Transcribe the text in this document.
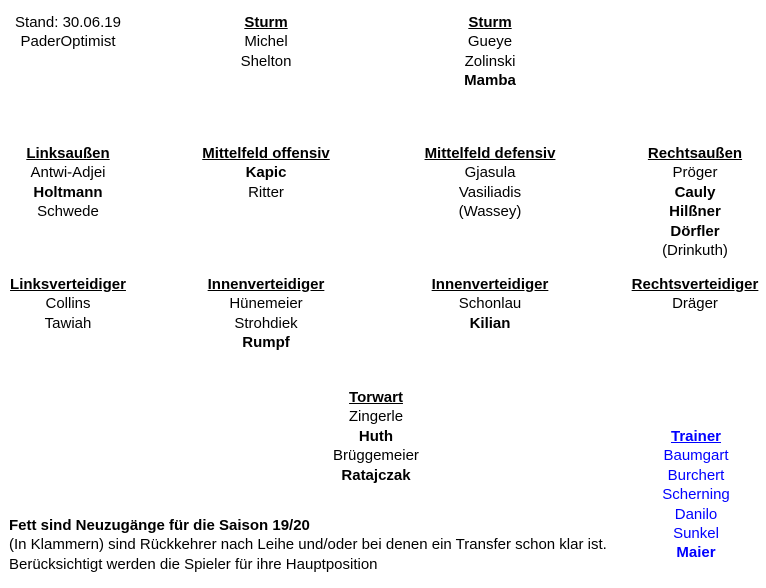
Stand: 30.06.19
PaderOptimist
Sturm
Michel
Shelton
Sturm
Gueye
Zolinski
Mamba
Linksaußen
Antwi-Adjei
Holtmann
Schwede
Mittelfeld offensiv
Kapic
Ritter
Mittelfeld defensiv
Gjasula
Vasiliadis
(Wassey)
Rechtsaußen
Pröger
Cauly
Hilßner
Dörfler
(Drinkuth)
Linksverteidiger
Collins
Tawiah
Innenverteidiger
Hünemeier
Strohdiek
Rumpf
Innenverteidiger
Schonlau
Kilian
Rechtsverteidiger
Dräger
Torwart
Zingerle
Huth
Brüggemeier
Ratajczak
Trainer
Baumgart
Burchert
Scherning
Danilo
Sunkel
Maier
Fett sind Neuzugänge für die Saison 19/20
(In Klammern) sind Rückkehrer nach Leihe und/oder bei denen ein Transfer schon klar ist.
Berücksichtigt werden die Spieler für ihre Hauptposition
